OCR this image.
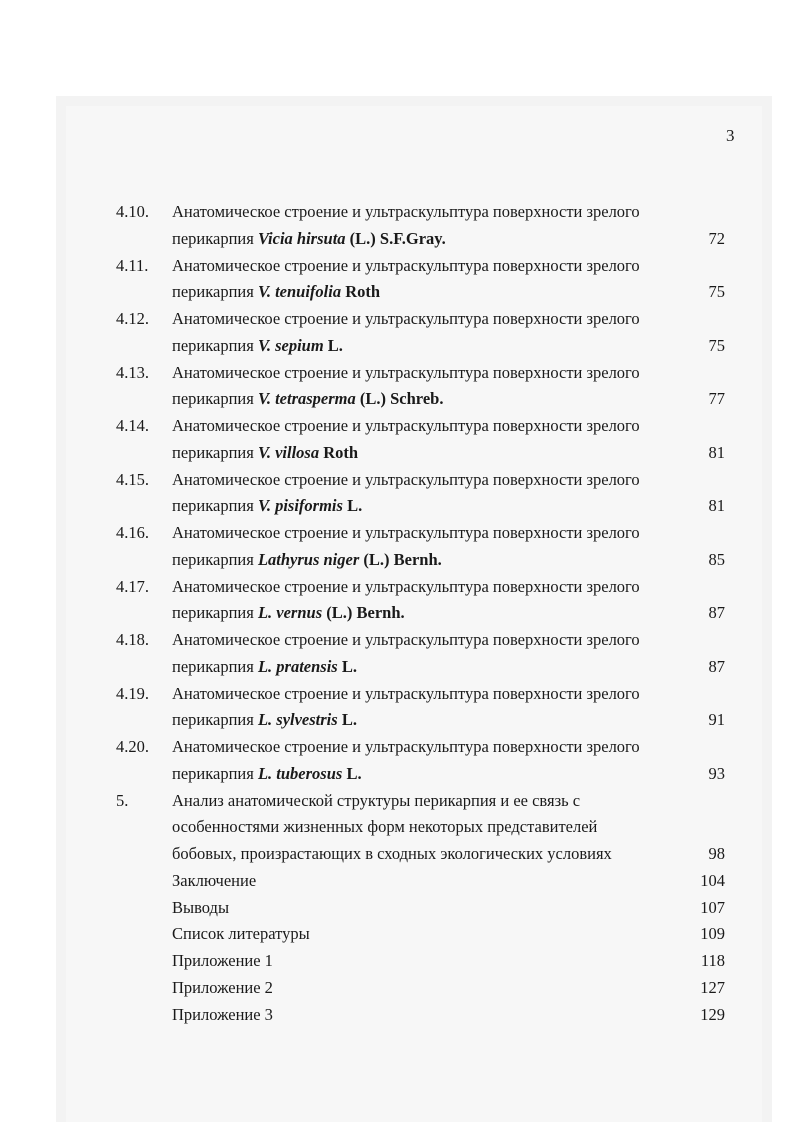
3
4.10. Анатомическое строение и ультраскульптура поверхности зрелого
перикарпия Vicia hirsuta (L.) S.F.Gray.	72
4.11. Анатомическое строение и ультраскульптура поверхности зрелого
перикарпия V. tenuifolia Roth	75
4.12. Анатомическое строение и ультраскульптура поверхности зрелого
перикарпия V. sepium L.	75
4.13. Анатомическое строение и ультраскульптура поверхности зрелого
перикарпия V. tetrasperma (L.) Schreb.	77
4.14. Анатомическое строение и ультраскульптура поверхности зрелого
перикарпия V. villosa Roth	81
4.15. Анатомическое строение и ультраскульптура поверхности зрелого
перикарпия V. pisiformis L.	81
4.16. Анатомическое строение и ультраскульптура поверхности зрелого
перикарпия Lathyrus niger (L.) Bernh.	85
4.17. Анатомическое строение и ультраскульптура поверхности зрелого
перикарпия L. vernus (L.) Bernh.	87
4.18. Анатомическое строение и ультраскульптура поверхности зрелого
перикарпия L. pratensis L.	87
4.19. Анатомическое строение и ультраскульптура поверхности зрелого
перикарпия L. sylvestris L.	91
4.20. Анатомическое строение и ультраскульптура поверхности зрелого
перикарпия L. tuberosus L.	93
5.	Анализ анатомической структуры перикарпия и ее связь с
особенностями жизненных форм некоторых представителей
бобовых, произрастающих в сходных экологических условиях	98
Заключение	104
Выводы	107
Список литературы	109
Приложение 1	118
Приложение 2	127
Приложение 3	129
